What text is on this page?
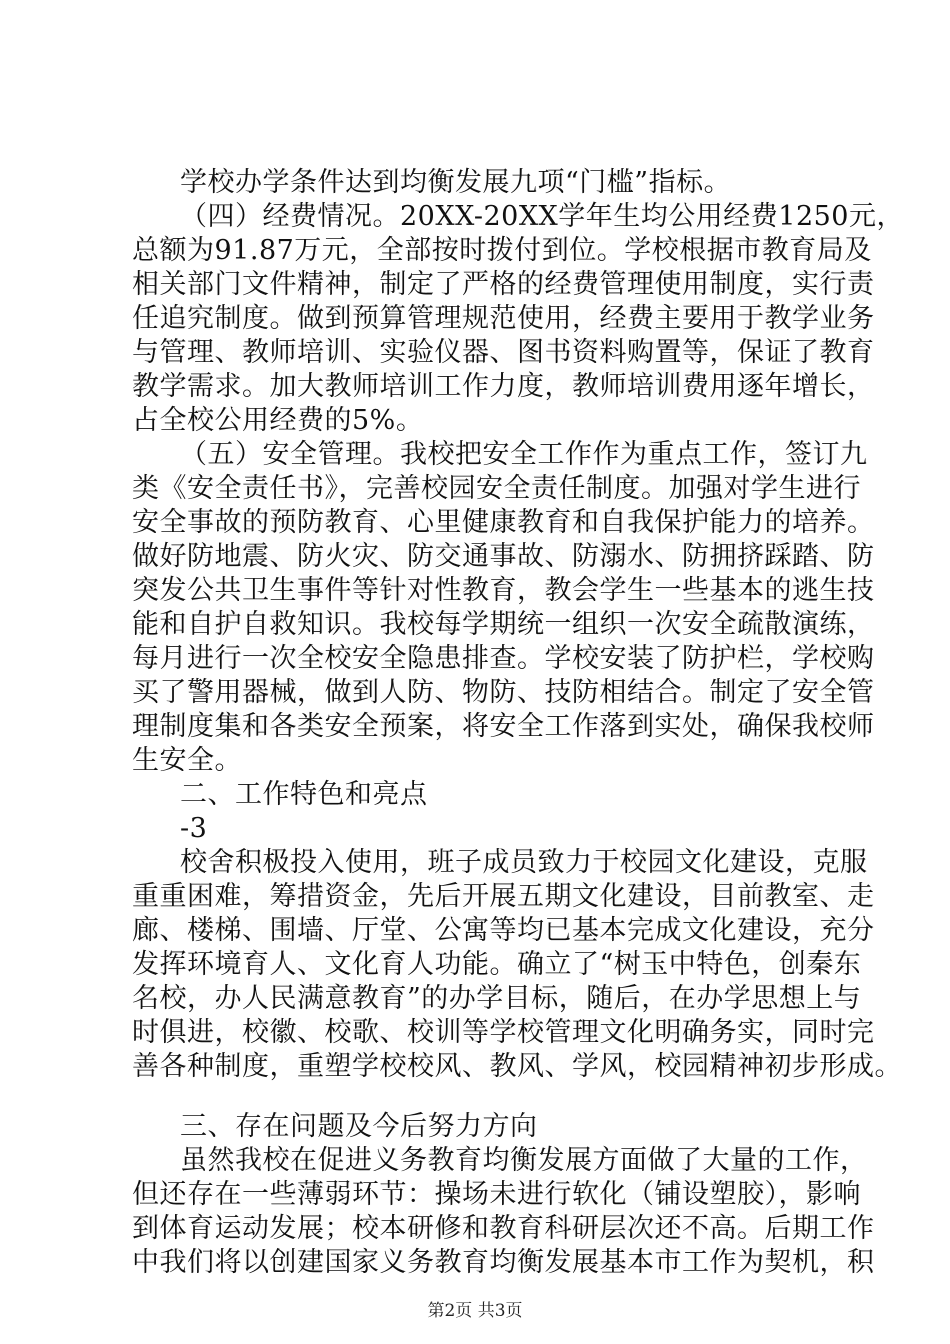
学校办学条件达到均衡发展九项“门槛”指标。
（四）经费情况。20XX-20XX学年生均公用经费1250元，
总额为91.87万元，全部按时拨付到位。学校根据市教育局及
相关部门文件精神，制定了严格的经费管理使用制度，实行责
任追究制度。做到预算管理规范使用，经费主要用于教学业务
与管理、教师培训、实验仪器、图书资料购置等，保证了教育
教学需求。加大教师培训工作力度，教师培训费用逐年增长，
占全校公用经费的5%。
（五）安全管理。我校把安全工作作为重点工作，签订九
类《安全责任书》，完善校园安全责任制度。加强对学生进行
安全事故的预防教育、心里健康教育和自我保护能力的培养。
做好防地震、防火灾、防交通事故、防溺水、防拥挤踩踏、防
突发公共卫生事件等针对性教育，教会学生一些基本的逃生技
能和自护自救知识。我校每学期统一组织一次安全疏散演练，
每月进行一次全校安全隐患排查。学校安装了防护栏，学校购
买了警用器械，做到人防、物防、技防相结合。制定了安全管
理制度集和各类安全预案，将安全工作落到实处，确保我校师
生安全。
二、工作特色和亮点
-3
校舍积极投入使用，班子成员致力于校园文化建设，克服
重重困难，筹措资金，先后开展五期文化建设，目前教室、走
廊、楼梯、围墙、厅堂、公寓等均已基本完成文化建设，充分
发挥环境育人、文化育人功能。确立了“树玉中特色，创秦东
名校，办人民满意教育”的办学目标，随后，在办学思想上与
时俱进，校徽、校歌、校训等学校管理文化明确务实，同时完
善各种制度，重塑学校校风、教风、学风，校园精神初步形成。
三、存在问题及今后努力方向
虽然我校在促进义务教育均衡发展方面做了大量的工作，
但还存在一些薄弱环节：操场未进行软化（铺设塑胶），影响
到体育运动发展；校本研修和教育科研层次还不高。后期工作
中我们将以创建国家义务教育均衡发展基本市工作为契机，积
第2页 共3页
